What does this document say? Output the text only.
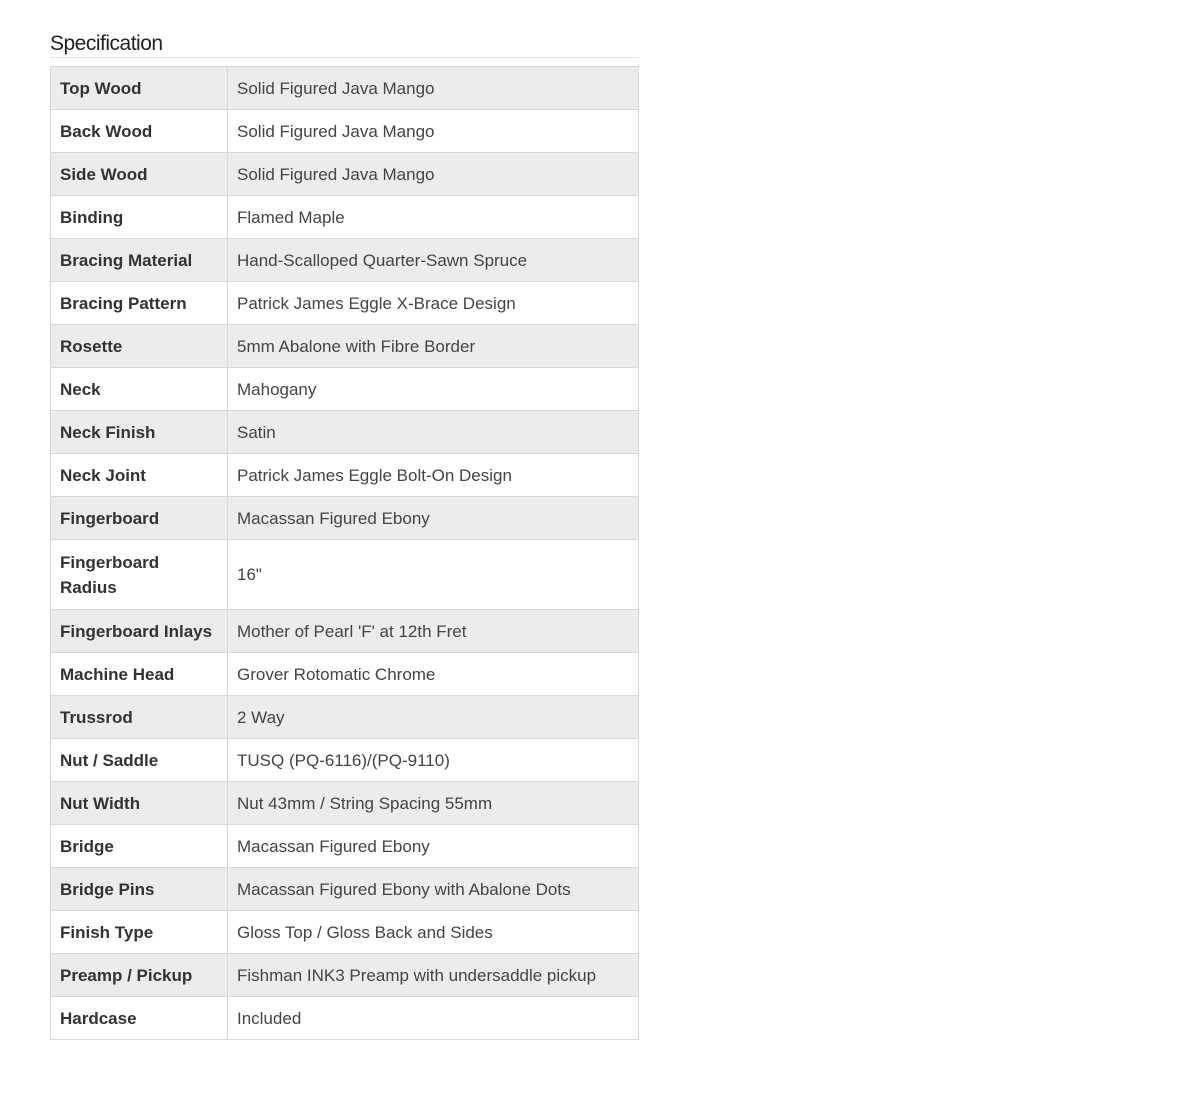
Specification
Top Wood	Solid Figured Java Mango
Back Wood	Solid Figured Java Mango
Side Wood	Solid Figured Java Mango
Binding	Flamed Maple
Bracing Material	Hand-Scalloped Quarter-Sawn Spruce
Bracing Pattern	Patrick James Eggle X-Brace Design
Rosette	5mm Abalone with Fibre Border
Neck	Mahogany
Neck Finish	Satin
Neck Joint	Patrick James Eggle Bolt-On Design
Fingerboard	Macassan Figured Ebony
Fingerboard Radius	16"
Fingerboard Inlays	Mother of Pearl 'F' at 12th Fret
Machine Head	Grover Rotomatic Chrome
Trussrod	2 Way
Nut / Saddle	TUSQ (PQ-6116)/(PQ-9110)
Nut Width	Nut 43mm / String Spacing 55mm
Bridge	Macassan Figured Ebony
Bridge Pins	Macassan Figured Ebony with Abalone Dots
Finish Type	Gloss Top / Gloss Back and Sides
Preamp / Pickup	Fishman INK3 Preamp with undersaddle pickup
Hardcase	Included
